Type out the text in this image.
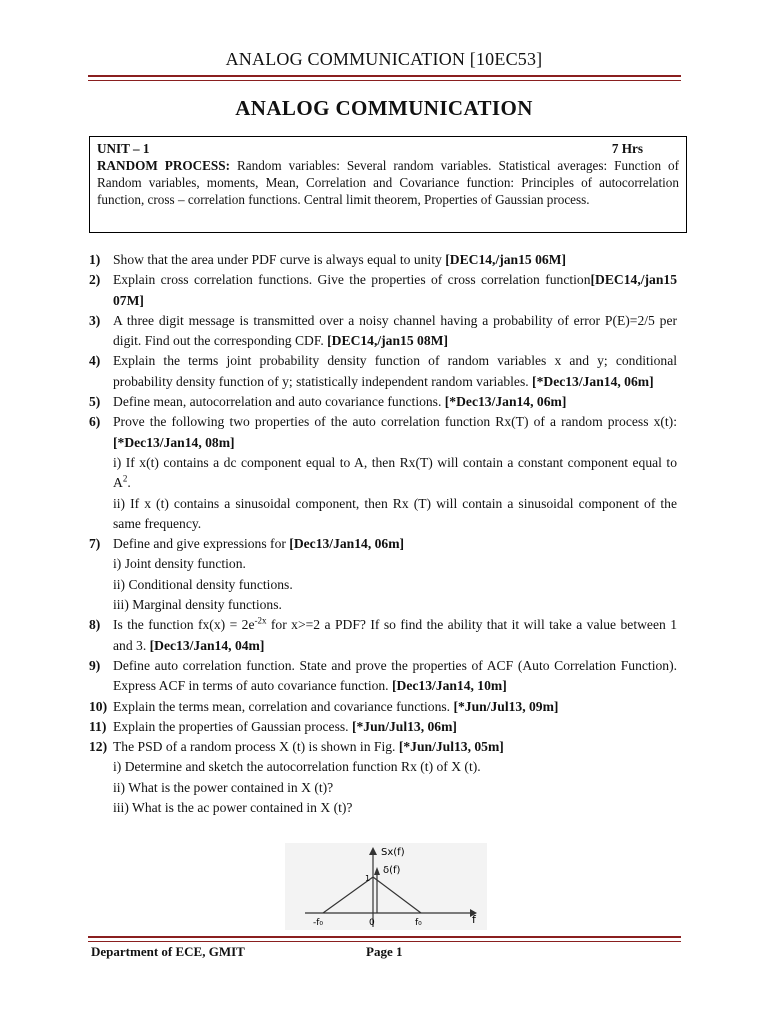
ANALOG COMMUNICATION [10EC53]
ANALOG COMMUNICATION
UNIT – 1	7 Hrs
RANDOM PROCESS: Random variables: Several random variables. Statistical averages: Function of Random variables, moments, Mean, Correlation and Covariance function: Principles of autocorrelation function, cross – correlation functions. Central limit theorem, Properties of Gaussian process.
1) Show that the area under PDF curve is always equal to unity [DEC14,/jan15 06M]
2) Explain cross correlation functions. Give the properties of cross correlation function[DEC14,/jan15 07M]
3) A three digit message is transmitted over a noisy channel having a probability of error P(E)=2/5 per digit. Find out the corresponding CDF. [DEC14,/jan15 08M]
4) Explain the terms joint probability density function of random variables x and y; conditional probability density function of y; statistically independent random variables. [*Dec13/Jan14, 06m]
5) Define mean, autocorrelation and auto covariance functions. [*Dec13/Jan14, 06m]
6) Prove the following two properties of the auto correlation function Rx(T) of a random process x(t): [*Dec13/Jan14, 08m]
i) If x(t) contains a dc component equal to A, then Rx(T) will contain a constant component equal to $A^2$.
ii) If x (t) contains a sinusoidal component, then Rx (T) will contain a sinusoidal component of the same frequency.
7) Define and give expressions for [Dec13/Jan14, 06m]
i) Joint density function.
ii) Conditional density functions.
iii) Marginal density functions.
8) Is the function $fx(x) = 2e^{-2x}$ for x>=2 a PDF? If so find the ability that it will take a value between 1 and 3. [Dec13/Jan14, 04m]
9) Define auto correlation function. State and prove the properties of ACF (Auto Correlation Function). Express ACF in terms of auto covariance function. [Dec13/Jan14, 10m]
10) Explain the terms mean, correlation and covariance functions. [*Jun/Jul13, 09m]
11) Explain the properties of Gaussian process. [*Jun/Jul13, 06m]
12) The PSD of a random process X (t) is shown in Fig. [*Jun/Jul13, 05m]
i) Determine and sketch the autocorrelation function Rx (t) of X (t).
ii) What is the power contained in X (t)?
iii) What is the ac power contained in X (t)?
Sx(f)
δ(f)
1
f
-f₀	0	f₀
Department of ECE, GMIT	Page 1
